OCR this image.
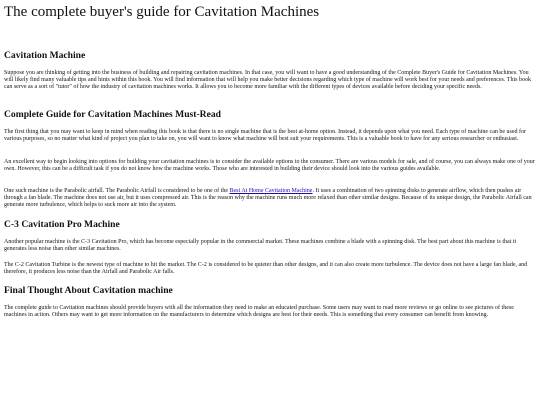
The complete buyer's guide for Cavitation Machines
Cavitation Machine

Suppose you are thinking of getting into the business of building and repairing cavitation machines. In that case, you will want to have a good understanding of the Complete Buyer's Guide for Cavitation Machines. You will likely find many valuable tips and hints within this book. You will find information that will help you make better decisions regarding which type of machine will work best for your needs and preferences. This book can serve as a sort of "tutor" of how the industry of cavitation machines works. It allows you to become more familiar with the different types of devices available before deciding your specific needs.

Complete Guide for Cavitation Machines Must-Read

The first thing that you may want to keep in mind when reading this book is that there is no single machine that is the best at-home option. Instead, it depends upon what you need. Each type of machine can be used for various purposes, so no matter what kind of project you plan to take on, you will want to know what machine will best suit your requirements. This is a valuable book to have for any serious researcher or enthusiast.

An excellent way to begin looking into options for building your cavitation machines is to consider the available options to the consumer. There are various models for sale, and of course, you can always make one of your own. However, this can be a difficult task if you do not know how the machine works. Those who are interested in building their device should look into the various guides available.

One such machine is the Parabolic airfall. The Parabolic Airfall is considered to be one of the Best At Home Cavitation Machine. It uses a combination of two spinning disks to generate airflow, which then pushes air through a fan blade. The machine does not use air, but it uses compressed air. This is the reason why the machine runs much more relaxed than other similar designs. Because of its unique design, the Parabolic Airfall can generate more turbulence, which helps to suck more air into the system.

C-3 Cavitation Pro Machine

Another popular machine is the C-3 Cavitation Pro, which has become especially popular in the commercial market. These machines combine a blade with a spinning disk. The best part about this machine is that it generates less noise than other similar machines.

The C-2 Cavitation Turbine is the newest type of machine to hit the market. The C-2 is considered to be quieter than other designs, and it can also create more turbulence. The device does not have a large fan blade, and therefore, it produces less noise than the Airfall and Parabolic Air falls.

Final Thought About Cavitation machine

The complete guide to Cavitation machines should provide buyers with all the information they need to make an educated purchase. Some users may want to read more reviews or go online to see pictures of these machines in action. Others may want to get more information on the manufacturers to determine which designs are best for their needs. This is something that every consumer can benefit from knowing.
